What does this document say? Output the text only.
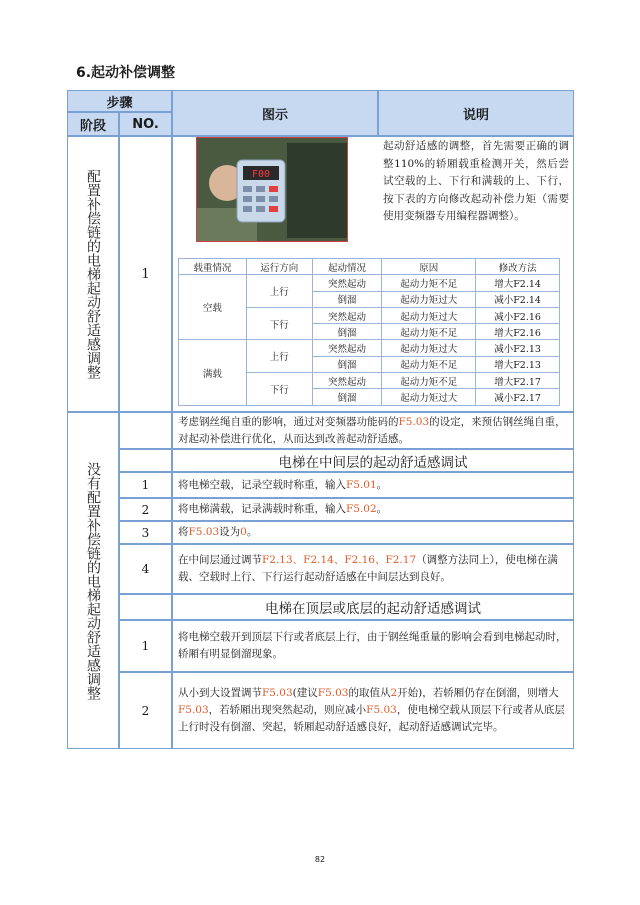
6.起动补偿调整
步骤
阶段	NO.
图示	说明
配置补偿链的电梯起动舒适感调整	1
F00
起动舒适感的调整，首先需要正确的调整110%的轿厢载重检测开关，然后尝试空载的上、下行和满载的上、下行，按下表的方向修改起动补偿力矩（需要使用变频器专用编程器调整）。
载重情况	运行方向	起动情况	原因	修改方法
空载	上行	突然起动	起动力矩不足	增大F2.14
		倒溜	起动力矩过大	减小F2.14
	下行	突然起动	起动力矩过大	减小F2.16
		倒溜	起动力矩不足	增大F2.16
满载	上行	突然起动	起动力矩过大	减小F2.13
		倒溜	起动力矩不足	增大F2.13
	下行	突然起动	起动力矩不足	增大F2.17
		倒溜	起动力矩过大	减小F2.17
没有配置补偿链的电梯起动舒适感调整
考虑钢丝绳自重的影响，通过对变频器功能码的F5.03的设定，来预估钢丝绳自重，对起动补偿进行优化，从而达到改善起动舒适感。
电梯在中间层的起动舒适感调试
1	将电梯空载，记录空载时称重，输入F5.01。
2	将电梯满载，记录满载时称重，输入F5.02。
3	将F5.03设为0。
4
在中间层通过调节F2.13、F2.14、F2.16、F2.17（调整方法同上），使电梯在满载、空载时上行、下行运行起动舒适感在中间层达到良好。
电梯在顶层或底层的起动舒适感调试
1
将电梯空载开到顶层下行或者底层上行，由于钢丝绳重量的影响会看到电梯起动时，轿厢有明显倒溜现象。
2
从小到大设置调节F5.03(建议F5.03的取值从2开始)，若轿厢仍存在倒溜，则增大F5.03，若轿厢出现突然起动，则应减小F5.03，使电梯空载从顶层下行或者从底层上行时没有倒溜、突起，轿厢起动舒适感良好，起动舒适感调试完毕。
82
